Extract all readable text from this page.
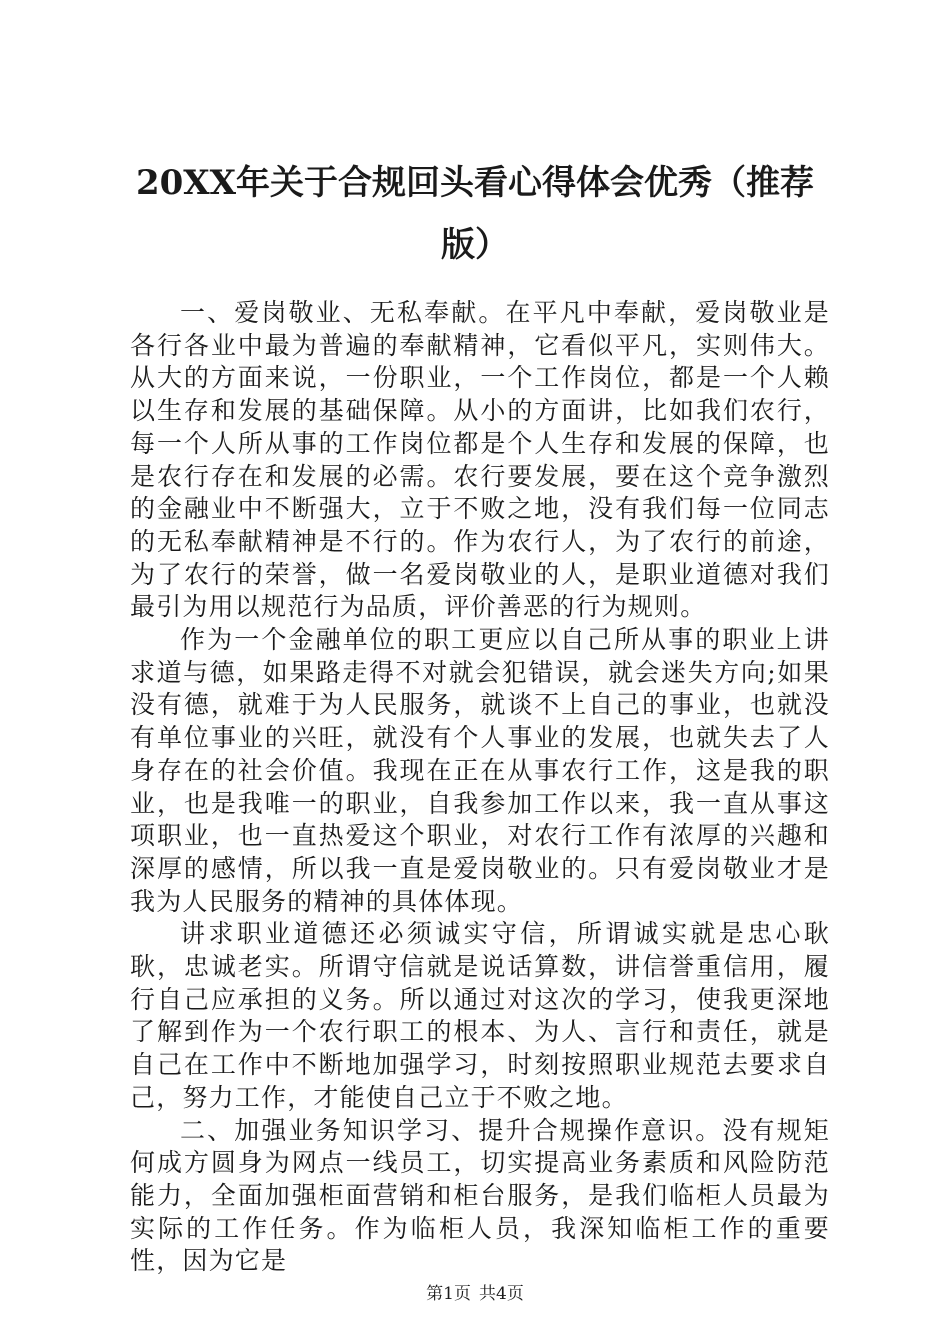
20XX年关于合规回头看心得体会优秀（推荐版）

一、爱岗敬业、无私奉献。在平凡中奉献，爱岗敬业是各行各业中最为普遍的奉献精神，它看似平凡，实则伟大。从大的方面来说，一份职业，一个工作岗位，都是一个人赖以生存和发展的基础保障。从小的方面讲，比如我们农行，每一个人所从事的工作岗位都是个人生存和发展的保障，也是农行存在和发展的必需。农行要发展，要在这个竞争激烈的金融业中不断强大，立于不败之地，没有我们每一位同志的无私奉献精神是不行的。作为农行人，为了农行的前途，为了农行的荣誉，做一名爱岗敬业的人，是职业道德对我们最引为用以规范行为品质，评价善恶的行为规则。

作为一个金融单位的职工更应以自己所从事的职业上讲求道与德，如果路走得不对就会犯错误，就会迷失方向;如果没有德，就难于为人民服务，就谈不上自己的事业，也就没有单位事业的兴旺，就没有个人事业的发展，也就失去了人身存在的社会价值。我现在正在从事农行工作，这是我的职业，也是我唯一的职业，自我参加工作以来，我一直从事这项职业，也一直热爱这个职业，对农行工作有浓厚的兴趣和深厚的感情，所以我一直是爱岗敬业的。只有爱岗敬业才是我为人民服务的精神的具体体现。

讲求职业道德还必须诚实守信，所谓诚实就是忠心耿耿，忠诚老实。所谓守信就是说话算数，讲信誉重信用，履行自己应承担的义务。所以通过对这次的学习，使我更深地了解到作为一个农行职工的根本、为人、言行和责任，就是自己在工作中不断地加强学习，时刻按照职业规范去要求自己，努力工作，才能使自己立于不败之地。

二、加强业务知识学习、提升合规操作意识。没有规矩何成方圆身为网点一线员工，切实提高业务素质和风险防范能力，全面加强柜面营销和柜台服务，是我们临柜人员最为实际的工作任务。作为临柜人员，我深知临柜工作的重要性，因为它是

第1页 共4页
